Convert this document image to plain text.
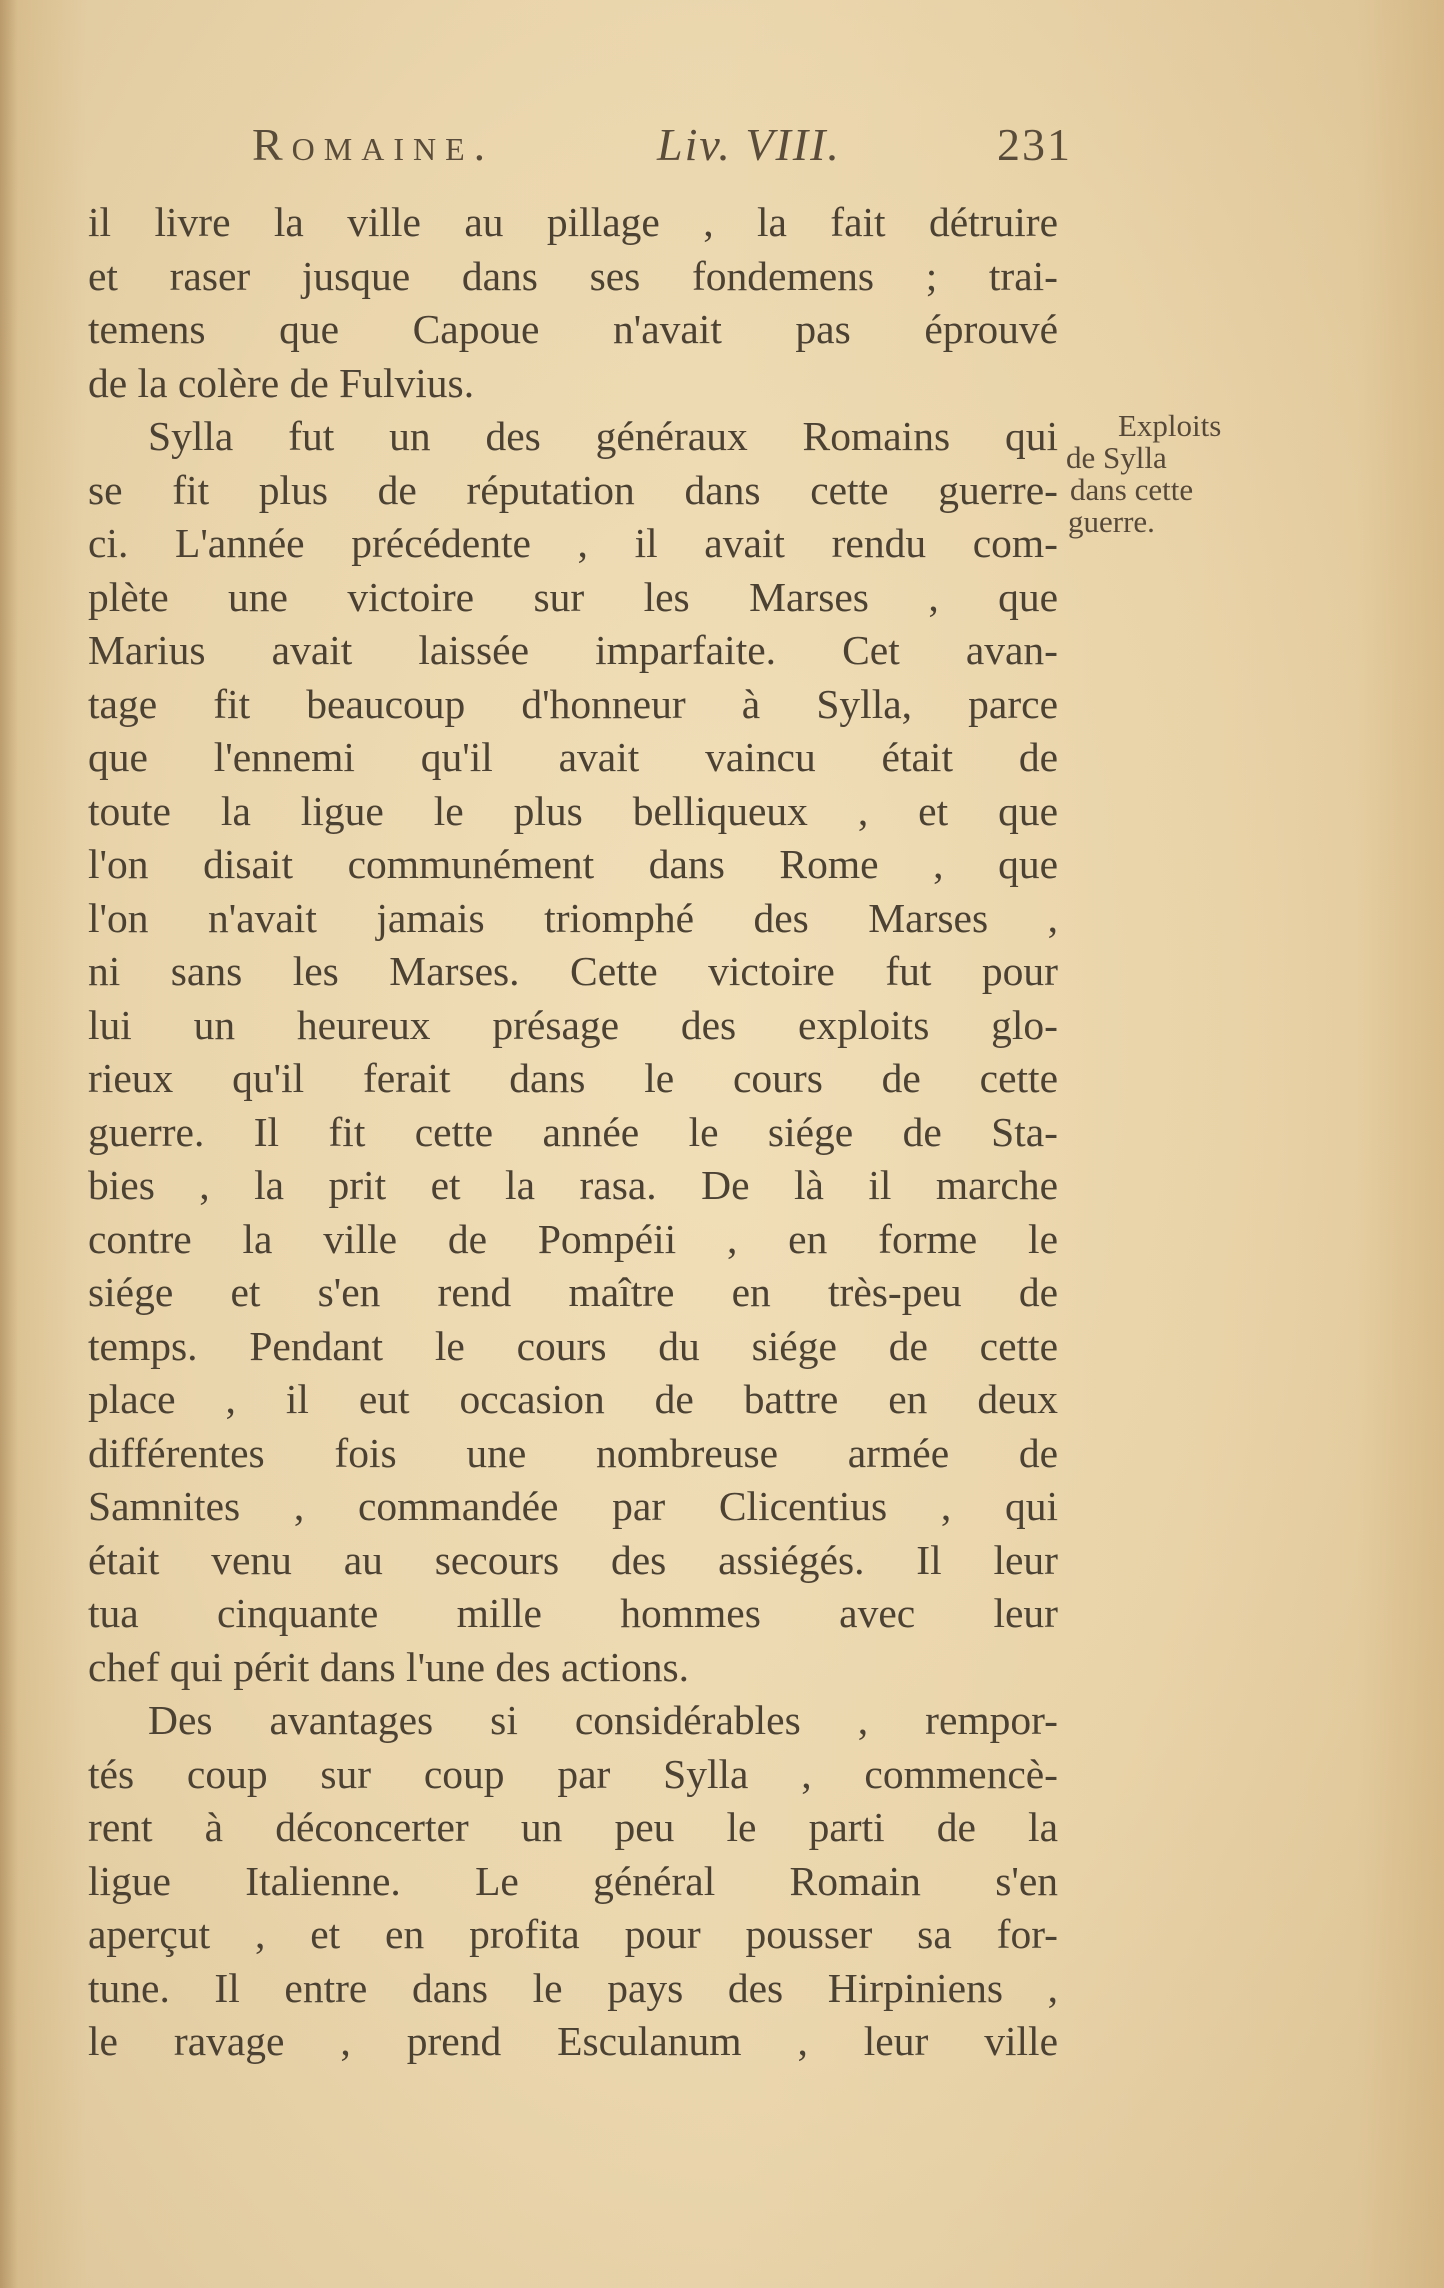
Romaine.	Liv. VIII.	231
Exploits
de Sylla
dans cette
guerre.
il livre la ville au pillage , la fait détruire
et raser jusque dans ses fondemens ; trai-
temens que Capoue n'avait pas éprouvé
de la colère de Fulvius.
Sylla fut un des généraux Romains qui
se fit plus de réputation dans cette guerre-
ci. L'année précédente , il avait rendu com-
plète une victoire sur les Marses , que
Marius avait laissée imparfaite. Cet avan-
tage fit beaucoup d'honneur à Sylla, parce
que l'ennemi qu'il avait vaincu était de
toute la ligue le plus belliqueux , et que
l'on disait communément dans Rome , que
l'on n'avait jamais triomphé des Marses ,
ni sans les Marses. Cette victoire fut pour
lui un heureux présage des exploits glo-
rieux qu'il ferait dans le cours de cette
guerre. Il fit cette année le siége de Sta-
bies , la prit et la rasa. De là il marche
contre la ville de Pompéii , en forme le
siége et s'en rend maître en très-peu de
temps. Pendant le cours du siége de cette
place , il eut occasion de battre en deux
différentes fois une nombreuse armée de
Samnites , commandée par Clicentius , qui
était venu au secours des assiégés. Il leur
tua cinquante mille hommes avec leur
chef qui périt dans l'une des actions.
Des avantages si considérables , rempor-
tés coup sur coup par Sylla , commencè-
rent à déconcerter un peu le parti de la
ligue Italienne. Le général Romain s'en
aperçut , et en profita pour pousser sa for-
tune. Il entre dans le pays des Hirpiniens ,
le ravage , prend Esculanum , leur ville
